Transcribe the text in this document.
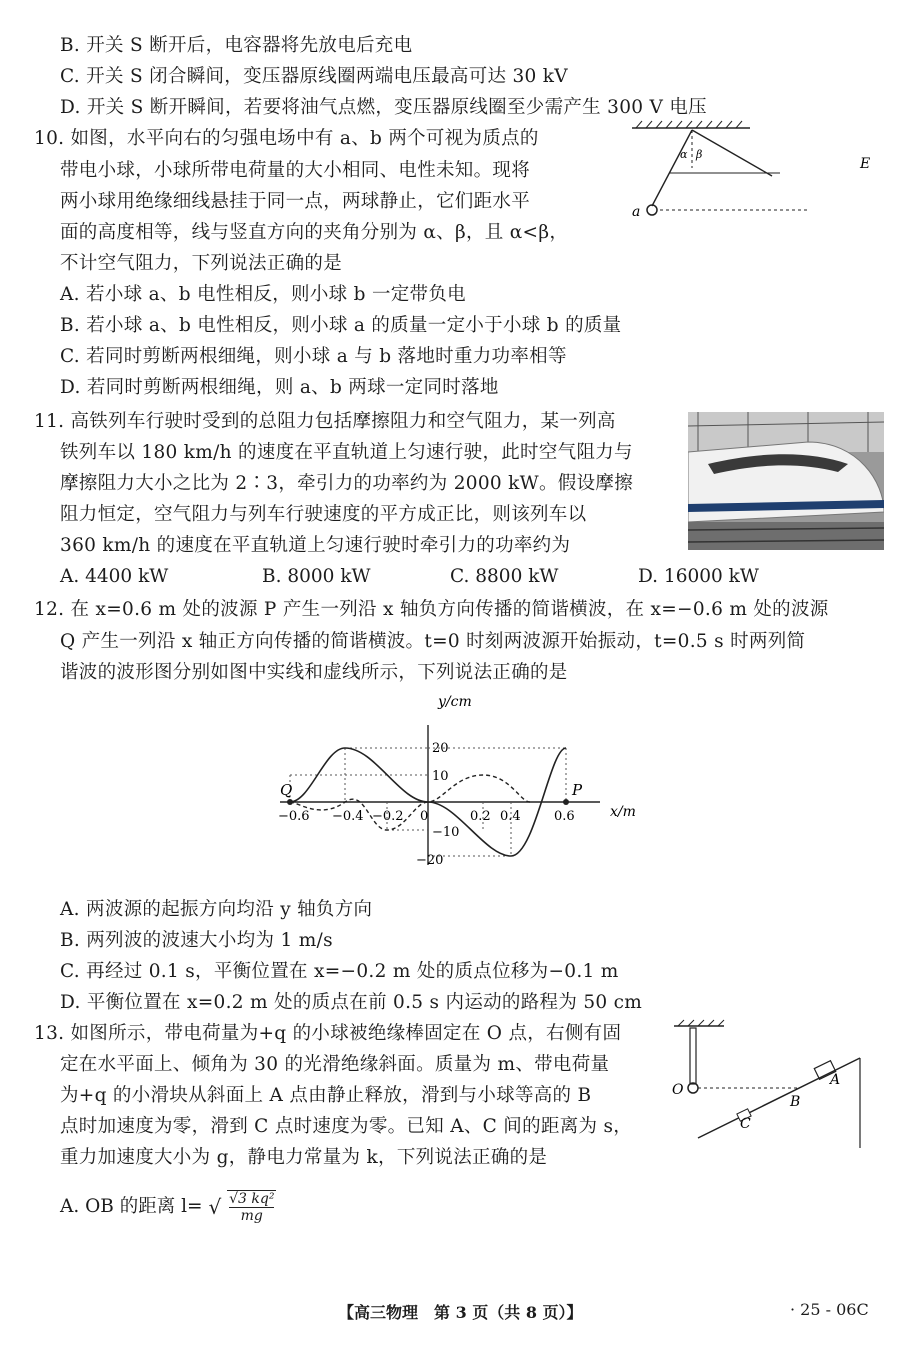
B. 开关 S 断开后，电容器将先放电后充电
C. 开关 S 闭合瞬间，变压器原线圈两端电压最高可达 30 kV
D. 开关 S 断开瞬间，若要将油气点燃，变压器原线圈至少需产生 300 V 电压
10. 如图，水平向右的匀强电场中有 a、b 两个可视为质点的
带电小球，小球所带电荷量的大小相同、电性未知。现将
两小球用绝缘细线悬挂于同一点，两球静止，它们距水平
面的高度相等，线与竖直方向的夹角分别为 α、β，且 α<β，
不计空气阻力，下列说法正确的是
A. 若小球 a、b 电性相反，则小球 b 一定带负电
B. 若小球 a、b 电性相反，则小球 a 的质量一定小于小球 b 的质量
C. 若同时剪断两根细绳，则小球 a 与 b 落地时重力功率相等
D. 若同时剪断两根细绳，则 a、b 两球一定同时落地
a
α β
E
11. 高铁列车行驶时受到的总阻力包括摩擦阻力和空气阻力，某一列高
铁列车以 180 km/h 的速度在平直轨道上匀速行驶，此时空气阻力与
摩擦阻力大小之比为 2∶3，牵引力的功率约为 2000 kW。假设摩擦
阻力恒定，空气阻力与列车行驶速度的平方成正比，则该列车以
360 km/h 的速度在平直轨道上匀速行驶时牵引力的功率约为
A. 4400 kW	B. 8000 kW	C. 8800 kW	D. 16000 kW
12. 在 x=0.6 m 处的波源 P 产生一列沿 x 轴负方向传播的简谐横波，在 x=−0.6 m 处的波源
Q 产生一列沿 x 轴正方向传播的简谐横波。t=0 时刻两波源开始振动，t=0.5 s 时两列简
谐波的波形图分别如图中实线和虚线所示，下列说法正确的是
y/cm
x/m
Q	P
−0.6 −0.4 −0.2 0	0.2 0.4	0.6
20
10
−10
−20
A. 两波源的起振方向均沿 y 轴负方向
B. 两列波的波速大小均为 1 m/s
C. 再经过 0.1 s，平衡位置在 x=−0.2 m 处的质点位移为−0.1 m
D. 平衡位置在 x=0.2 m 处的质点在前 0.5 s 内运动的路程为 50 cm
13. 如图所示，带电荷量为+q 的小球被绝缘棒固定在 O 点，右侧有固
定在水平面上、倾角为 30 的光滑绝缘斜面。质量为 m、带电荷量
为+q 的小滑块从斜面上 A 点由静止释放，滑到与小球等高的 B
点时加速度为零，滑到 C 点时速度为零。已知 A、C 间的距离为 s，
重力加速度大小为 g，静电力常量为 k，下列说法正确的是
O
A
B
C
A. OB 的距离 l= √ $\frac{\text{√3 kq²}}{mg}$
【高三物理　第 3 页（共 8 页）】	· 25 - 06C
